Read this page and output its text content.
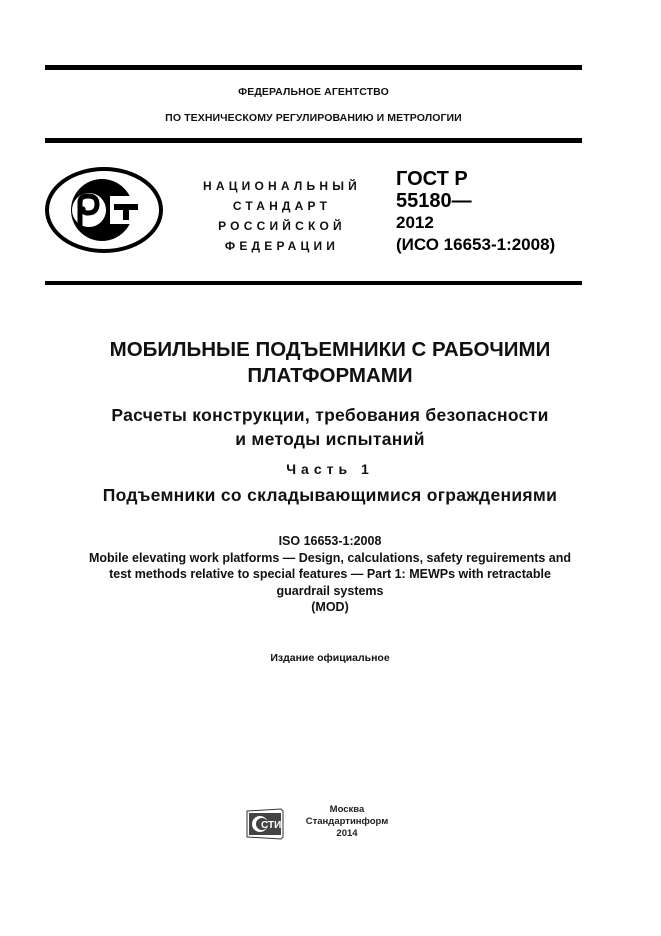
ФЕДЕРАЛЬНОЕ АГЕНТСТВО
ПО ТЕХНИЧЕСКОМУ РЕГУЛИРОВАНИЮ И МЕТРОЛОГИИ
НАЦИОНАЛЬНЫЙ
СТАНДАРТ
РОССИЙСКОЙ
ФЕДЕРАЦИИ
ГОСТ Р
55180—
2012
(ИСО 16653-1:2008)
МОБИЛЬНЫЕ ПОДЪЕМНИКИ С РАБОЧИМИ
ПЛАТФОРМАМИ
Расчеты конструкции, требования безопасности
и методы испытаний
Часть 1
Подъемники со складывающимися ограждениями
ISO 16653-1:2008
Mobile elevating work platforms — Design, calculations, safety reguirements and
test methods relative to special features — Part 1: MEWPs with retractable
guardrail systems
(MOD)
Издание официальное
СТИ
Москва
Стандартинформ
2014
